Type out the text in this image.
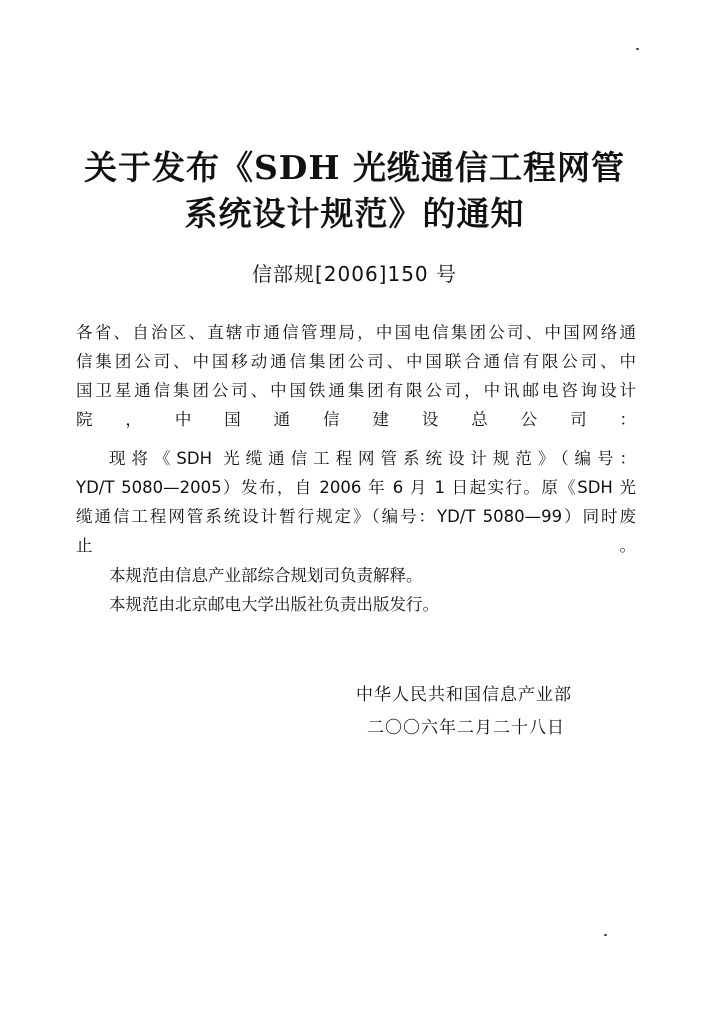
关于发布《SDH 光缆通信工程网管
系统设计规范》的通知
信部规[2006]150 号
各省、自治区、直辖市通信管理局，中国电信集团公司、中国网络通
信集团公司、中国移动通信集团公司、中国联合通信有限公司、中
国卫星通信集团公司、中国铁通集团有限公司，中讯邮电咨询设计
院，中国通信建设总公司：
现将《SDH 光缆通信工程网管系统设计规范》（编号：
YD/T 5080—2005）发布，自 2006 年 6 月 1 日起实行。原《SDH 光
缆通信工程网管系统设计暂行规定》（编号：YD/T 5080—99）同时废
止。
本规范由信息产业部综合规划司负责解释。
本规范由北京邮电大学出版社负责出版发行。
中华人民共和国信息产业部
二〇〇六年二月二十八日
